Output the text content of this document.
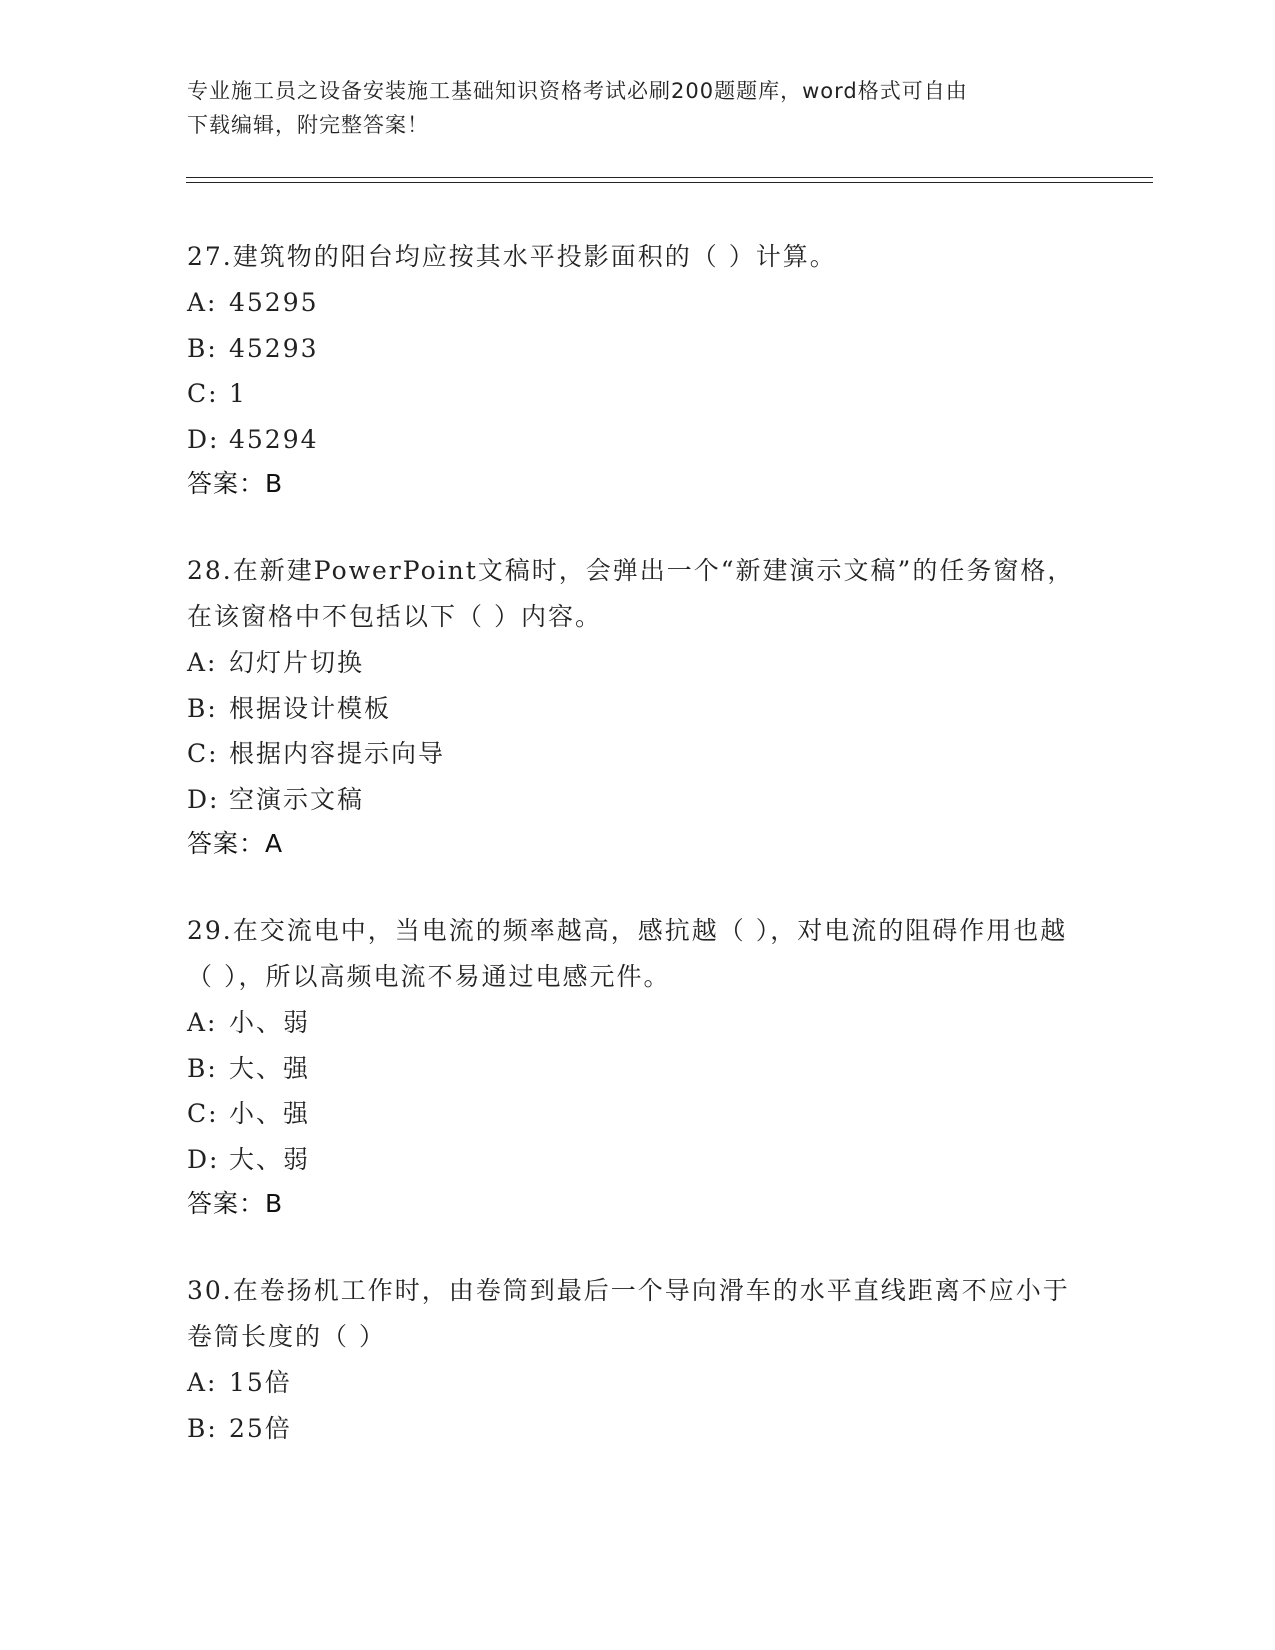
专业施工员之设备安装施工基础知识资格考试必刷200题题库，word格式可自由
下载编辑，附完整答案！

27.建筑物的阳台均应按其水平投影面积的（ ）计算。

A: 45295
B: 45293
C: 1
D: 45294
答案：B

28.在新建PowerPoint文稿时，会弹出一个“新建演示文稿”的任务窗格，在该窗格中不包括以下（ ）内容。

A: 幻灯片切换
B: 根据设计模板
C: 根据内容提示向导
D: 空演示文稿
答案：A

29.在交流电中，当电流的频率越高，感抗越（ ），对电流的阻碍作用也越（ ），所以高频电流不易通过电感元件。

A: 小、弱
B: 大、强
C: 小、强
D: 大、弱
答案：B

30.在卷扬机工作时，由卷筒到最后一个导向滑车的水平直线距离不应小于卷筒长度的（ ）

A: 15倍
B: 25倍
